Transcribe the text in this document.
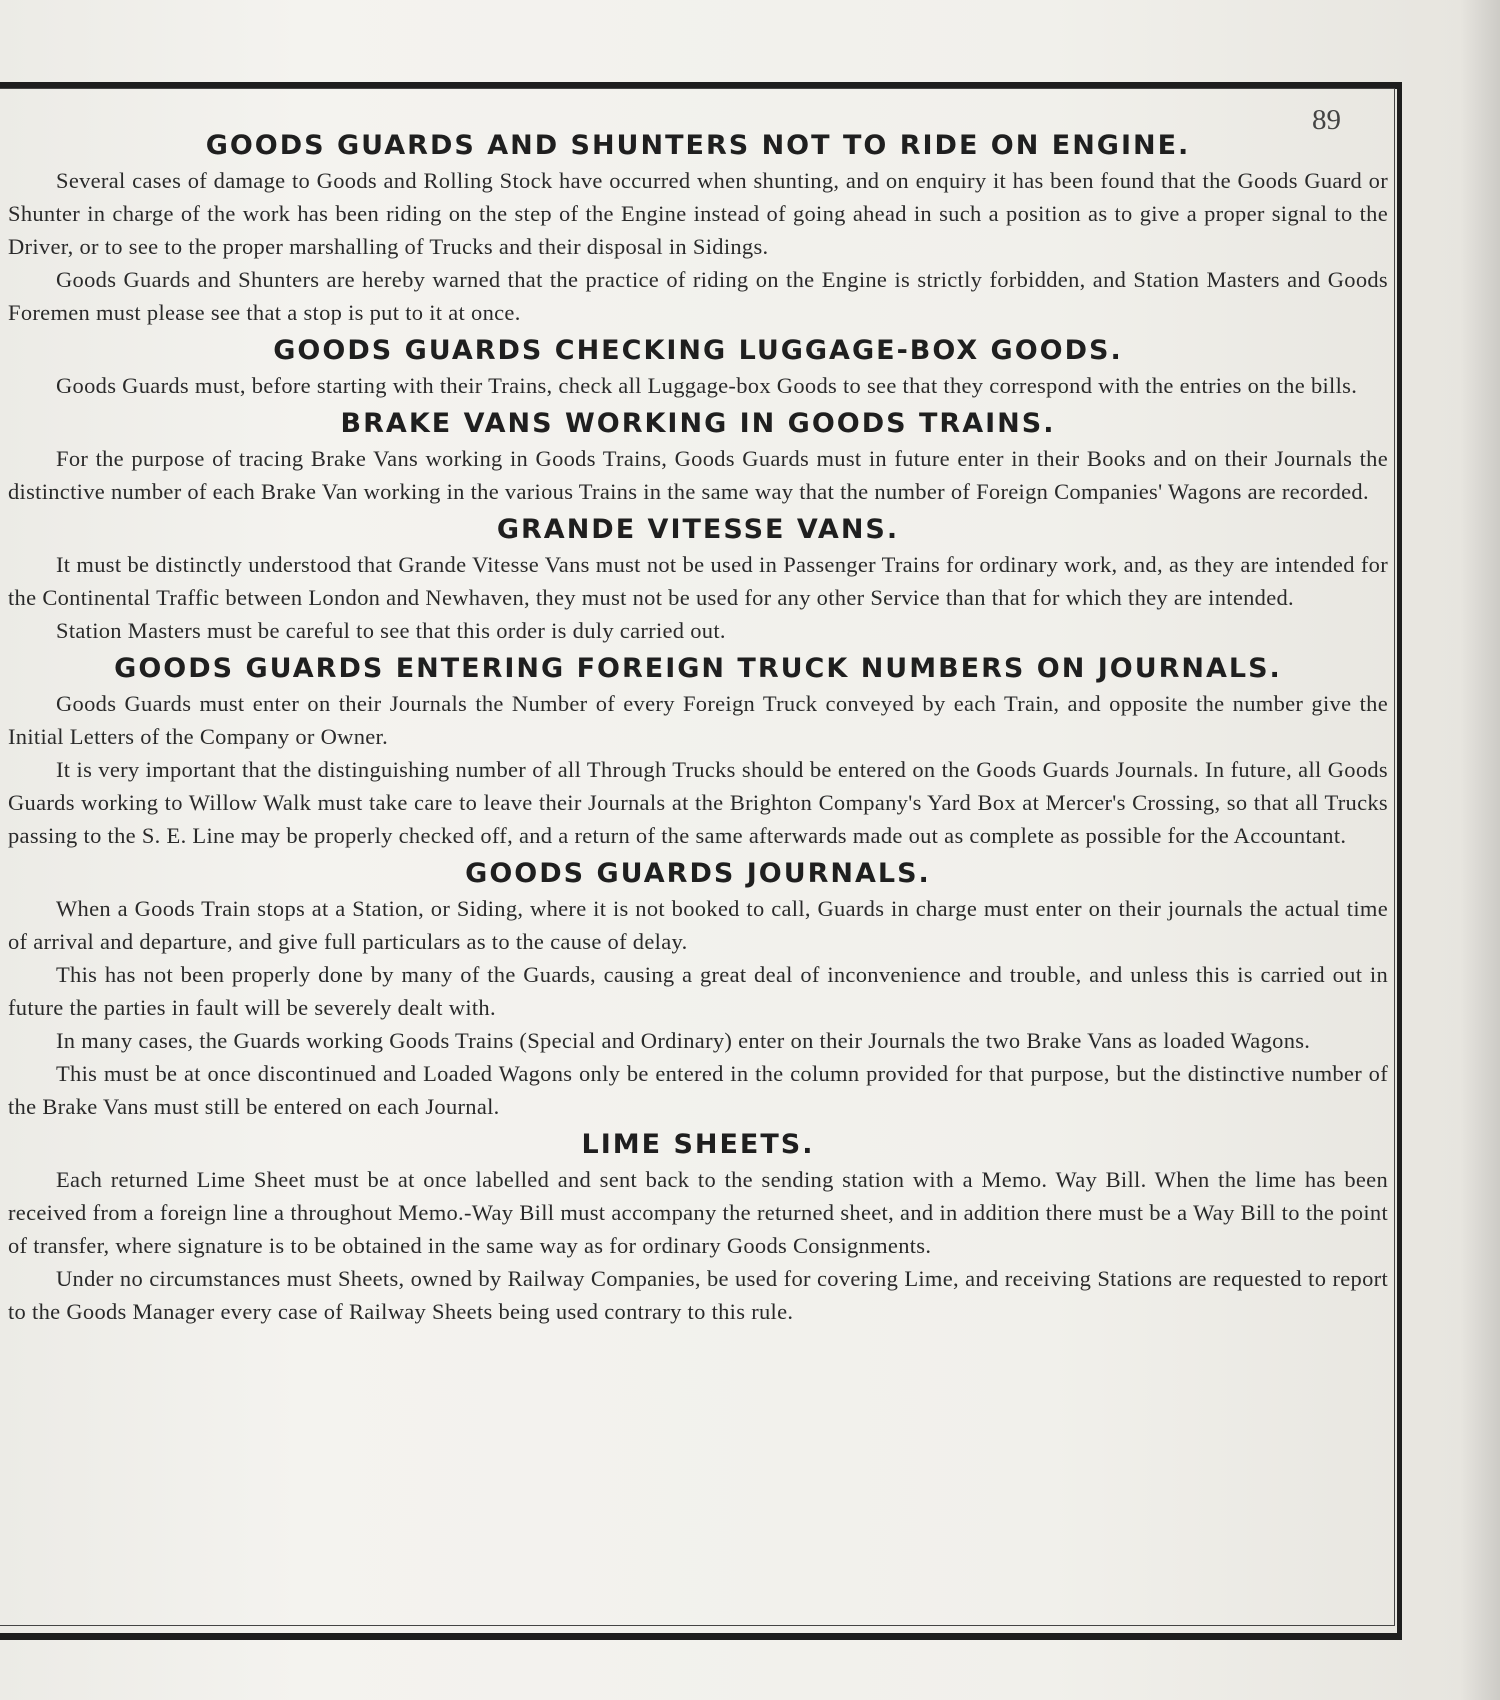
89
GOODS GUARDS AND SHUNTERS NOT TO RIDE ON ENGINE.

Several cases of damage to Goods and Rolling Stock have occurred when shunting, and on enquiry it has been found that the Goods Guard or Shunter in charge of the work has been riding on the step of the Engine instead of going ahead in such a position as to give a proper signal to the Driver, or to see to the proper marshalling of Trucks and their disposal in Sidings.

Goods Guards and Shunters are hereby warned that the practice of riding on the Engine is strictly forbidden, and Station Masters and Goods Foremen must please see that a stop is put to it at once.

GOODS GUARDS CHECKING LUGGAGE-BOX GOODS.

Goods Guards must, before starting with their Trains, check all Luggage-box Goods to see that they correspond with the entries on the bills.

BRAKE VANS WORKING IN GOODS TRAINS.

For the purpose of tracing Brake Vans working in Goods Trains, Goods Guards must in future enter in their Books and on their Journals the distinctive number of each Brake Van working in the various Trains in the same way that the number of Foreign Companies' Wagons are recorded.

GRANDE VITESSE VANS.

It must be distinctly understood that Grande Vitesse Vans must not be used in Passenger Trains for ordinary work, and, as they are intended for the Continental Traffic between London and Newhaven, they must not be used for any other Service than that for which they are intended.

Station Masters must be careful to see that this order is duly carried out.

GOODS GUARDS ENTERING FOREIGN TRUCK NUMBERS ON JOURNALS.

Goods Guards must enter on their Journals the Number of every Foreign Truck conveyed by each Train, and opposite the number give the Initial Letters of the Company or Owner.

It is very important that the distinguishing number of all Through Trucks should be entered on the Goods Guards Journals. In future, all Goods Guards working to Willow Walk must take care to leave their Journals at the Brighton Company's Yard Box at Mercer's Crossing, so that all Trucks passing to the S. E. Line may be properly checked off, and a return of the same afterwards made out as complete as possible for the Accountant.

GOODS GUARDS JOURNALS.

When a Goods Train stops at a Station, or Siding, where it is not booked to call, Guards in charge must enter on their journals the actual time of arrival and departure, and give full particulars as to the cause of delay.

This has not been properly done by many of the Guards, causing a great deal of inconvenience and trouble, and unless this is carried out in future the parties in fault will be severely dealt with.

In many cases, the Guards working Goods Trains (Special and Ordinary) enter on their Journals the two Brake Vans as loaded Wagons.

This must be at once discontinued and Loaded Wagons only be entered in the column provided for that purpose, but the distinctive number of the Brake Vans must still be entered on each Journal.

LIME SHEETS.

Each returned Lime Sheet must be at once labelled and sent back to the sending station with a Memo. Way Bill. When the lime has been received from a foreign line a throughout Memo.-Way Bill must accompany the returned sheet, and in addition there must be a Way Bill to the point of transfer, where signature is to be obtained in the same way as for ordinary Goods Consignments.

Under no circumstances must Sheets, owned by Railway Companies, be used for covering Lime, and receiving Stations are requested to report to the Goods Manager every case of Railway Sheets being used contrary to this rule.
